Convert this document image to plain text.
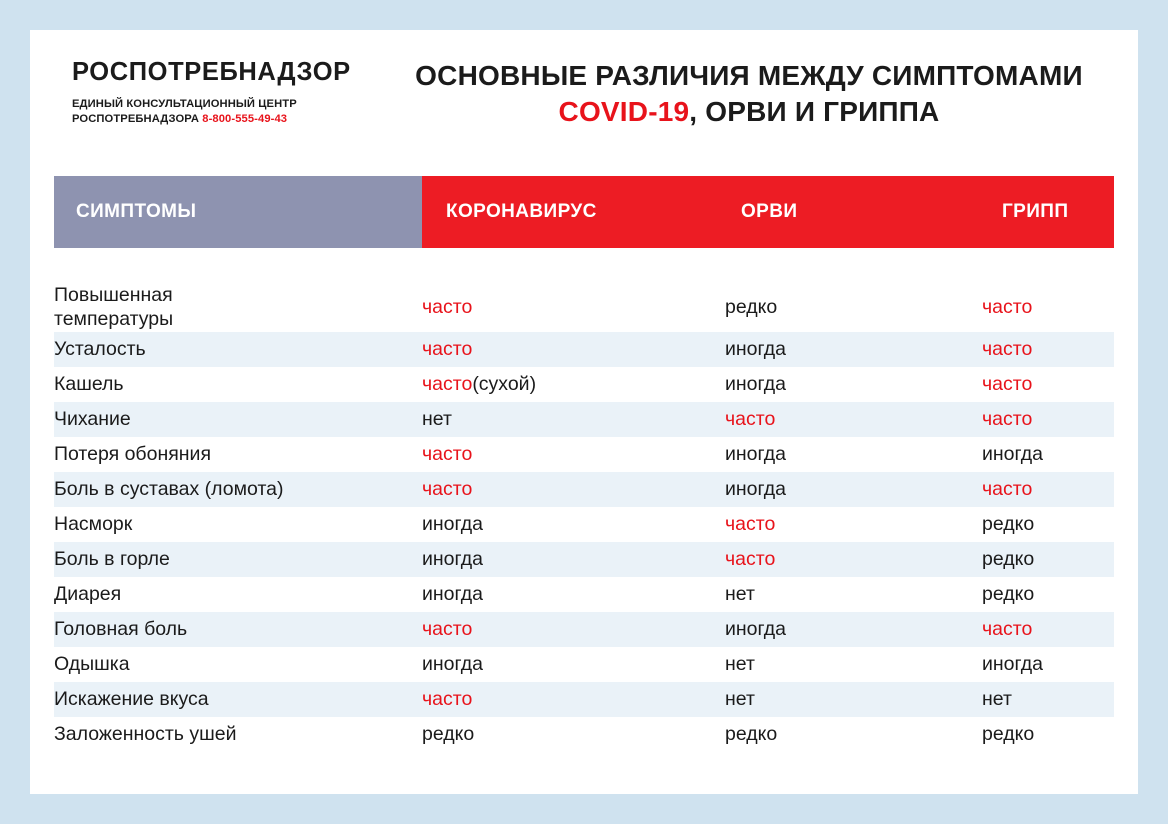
РОСПОТРЕБНАДЗОР
ЕДИНЫЙ КОНСУЛЬТАЦИОННЫЙ ЦЕНТР
РОСПОТРЕБНАДЗОРА 8-800-555-49-43
ОСНОВНЫЕ РАЗЛИЧИЯ МЕЖДУ СИМПТОМАМИ
COVID-19, ОРВИ И ГРИППА
СИМПТОМЫ	КОРОНАВИРУС	ОРВИ	ГРИПП

Повышенная
температуры	часто	редко	часто
Усталость	часто	иногда	часто
Кашель	часто(сухой)	иногда	часто
Чихание	нет	часто	часто
Потеря обоняния	часто	иногда	иногда
Боль в суставах (ломота)	часто	иногда	часто
Насморк	иногда	часто	редко
Боль в горле	иногда	часто	редко
Диарея	иногда	нет	редко
Головная боль	часто	иногда	часто
Одышка	иногда	нет	иногда
Искажение вкуса	часто	нет	нет
Заложенность ушей	редко	редко	редко
